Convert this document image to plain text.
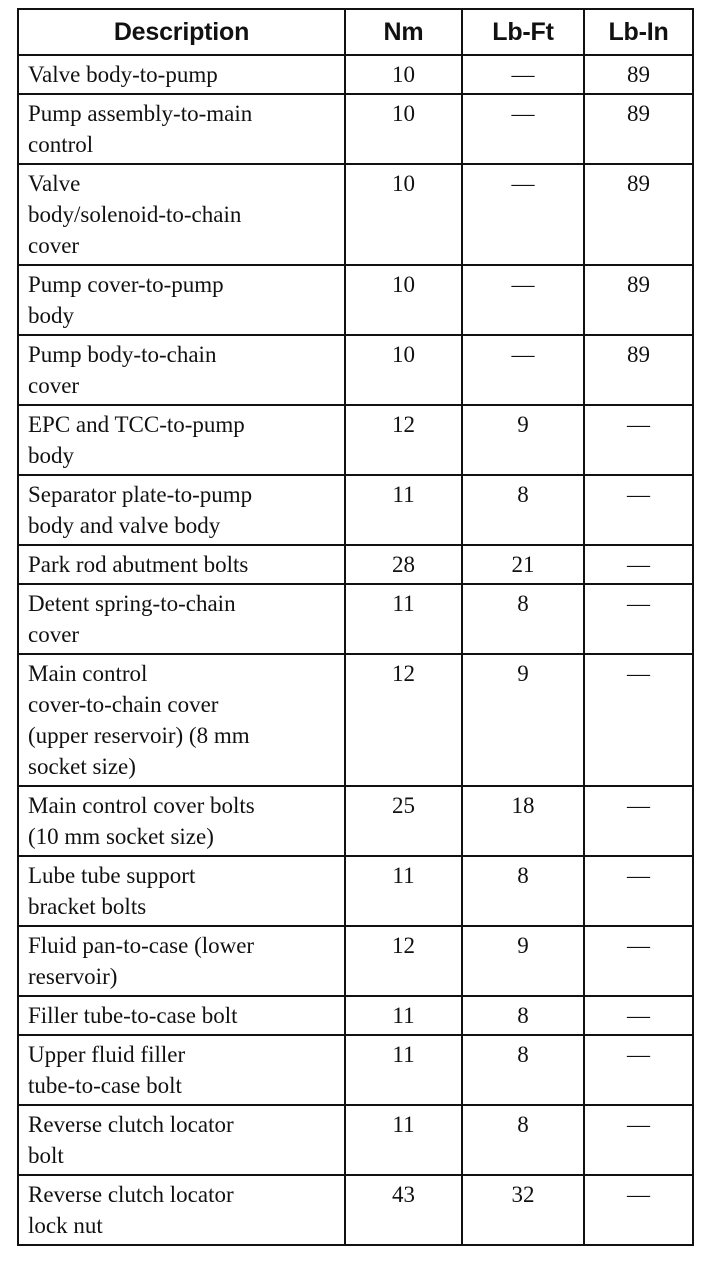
Description	Nm	Lb-Ft	Lb-In

Valve body-to-pump	10	—	89

Pump assembly-to-main
control	10	—	89

Valve
body/solenoid-to-chain
cover	10	—	89

Pump cover-to-pump
body	10	—	89

Pump body-to-chain
cover	10	—	89

EPC and TCC-to-pump
body	12	9	—

Separator plate-to-pump
body and valve body	11	8	—

Park rod abutment bolts	28	21	—

Detent spring-to-chain
cover	11	8	—

Main control
cover-to-chain cover
(upper reservoir) (8 mm
socket size)	12	9	—

Main control cover bolts
(10 mm socket size)	25	18	—

Lube tube support
bracket bolts	11	8	—

Fluid pan-to-case (lower
reservoir)	12	9	—

Filler tube-to-case bolt	11	8	—

Upper fluid filler
tube-to-case bolt	11	8	—

Reverse clutch locator
bolt	11	8	—

Reverse clutch locator
lock nut	43	32	—
